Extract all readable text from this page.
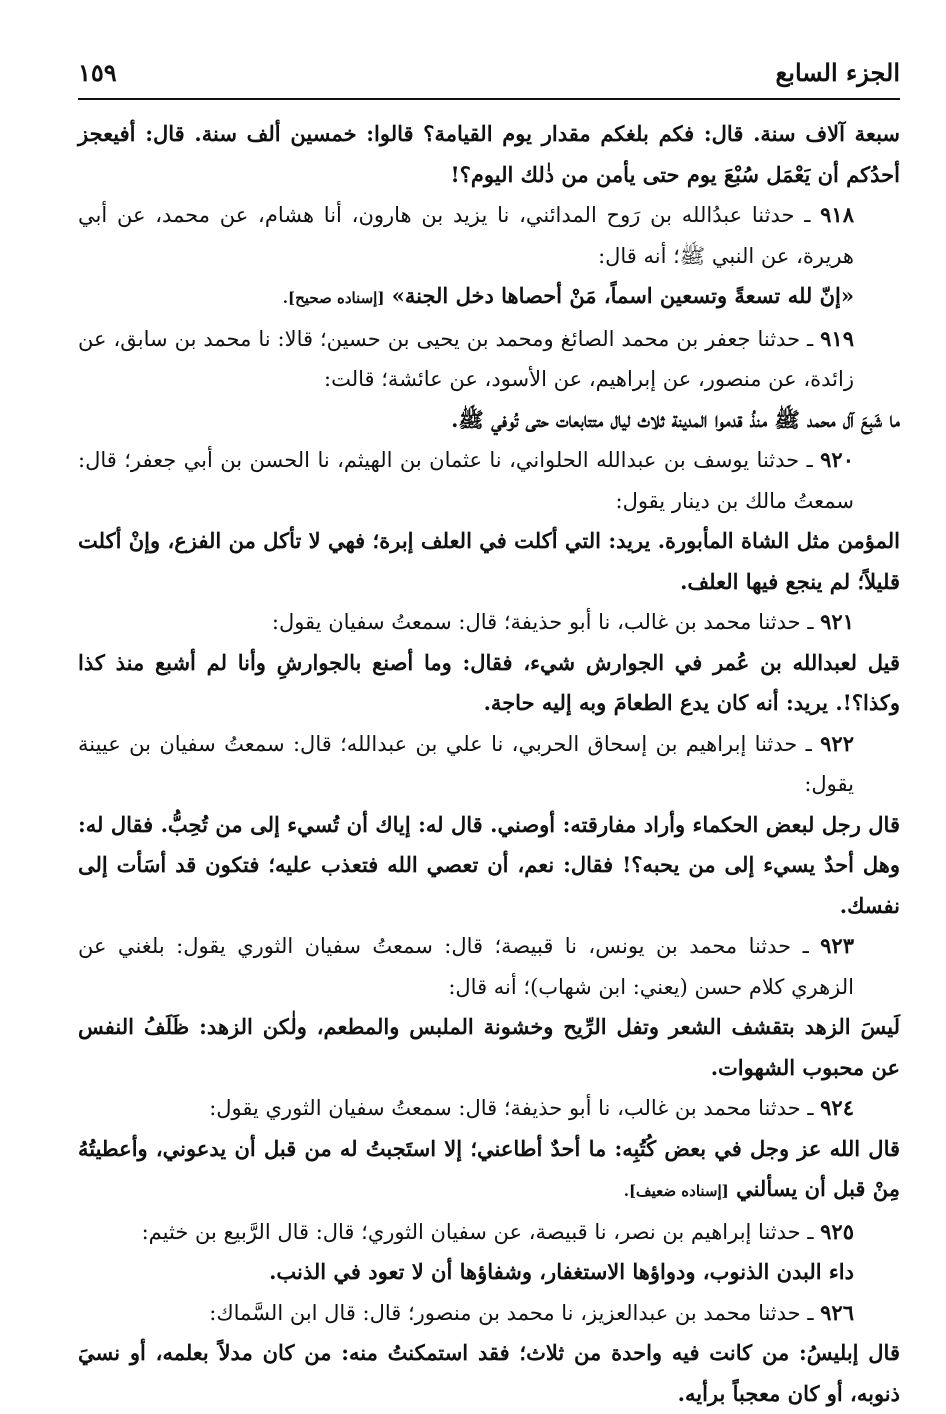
الجزء السابع
١٥٩

سبعة آلاف سنة. قال: فكم بلغكم مقدار يوم القيامة؟ قالوا: خمسين ألف سنة. قال: أفيعجز أحدُكم أن يَعْمَل سُبْعَ يوم حتى يأمن من ذٰلك اليوم؟!

٩١٨ ـ حدثنا عبدُالله بن رَوح المدائني، نا يزيد بن هارون، أنا هشام، عن محمد، عن أبي هريرة، عن النبي ﷺ؛ أنه قال:

«إنّ لله تسعةً وتسعين اسماً، مَنْ أحصاها دخل الجنة» [إسناده صحيح].

٩١٩ ـ حدثنا جعفر بن محمد الصائغ ومحمد بن يحيى بن حسين؛ قالا: نا محمد بن سابق، عن زائدة، عن منصور، عن إبراهيم، عن الأسود، عن عائشة؛ قالت:

ما شَبِعَ آل محمد ﷺ منذُ قدموا المدينة ثلاث ليال متتابعات حتى تُوفي ﷺ.

٩٢٠ ـ حدثنا يوسف بن عبدالله الحلواني، نا عثمان بن الهيثم، نا الحسن بن أبي جعفر؛ قال: سمعتُ مالك بن دينار يقول:

المؤمن مثل الشاة المأبورة. يريد: التي أكلت في العلف إبرة؛ فهي لا تأكل من الفزع، وإنْ أكلت قليلاً؛ لم ينجع فيها العلف.

٩٢١ ـ حدثنا محمد بن غالب، نا أبو حذيفة؛ قال: سمعتُ سفيان يقول:

قيل لعبدالله بن عُمر في الجوارش شيء، فقال: وما أصنع بالجوارشِ وأنا لم أشبع منذ كذا وكذا؟!. يريد: أنه كان يدع الطعامَ وبه إليه حاجة.

٩٢٢ ـ حدثنا إبراهيم بن إسحاق الحربي، نا علي بن عبدالله؛ قال: سمعتُ سفيان بن عيينة يقول:

قال رجل لبعض الحكماء وأراد مفارقته: أوصني. قال له: إياك أن تُسيء إلى من تُحِبُّ. فقال له: وهل أحدٌ يسيء إلى من يحبه؟! فقال: نعم، أن تعصي الله فتعذب عليه؛ فتكون قد أسَأت إلى نفسك.

٩٢٣ ـ حدثنا محمد بن يونس، نا قبيصة؛ قال: سمعتُ سفيان الثوري يقول: بلغني عن الزهري كلام حسن (يعني: ابن شهاب)؛ أنه قال:

لَيسَ الزهد بتقشف الشعر وتفل الرِّيح وخشونة الملبس والمطعم، ولٰكن الزهد: ظَلَفُ النفس عن محبوب الشهوات.

٩٢٤ ـ حدثنا محمد بن غالب، نا أبو حذيفة؛ قال: سمعتُ سفيان الثوري يقول:

قال الله عز وجل في بعض كُتُبِه: ما أحدٌ أطاعني؛ إلا استَجبتُ له من قبل أن يدعوني، وأعطيتُهُ مِنْ قبل أن يسألني [إسناده ضعيف].

٩٢٥ ـ حدثنا إبراهيم بن نصر، نا قبيصة، عن سفيان الثوري؛ قال: قال الرَّبيع بن خثيم:

داء البدن الذنوب، ودواؤها الاستغفار، وشفاؤها أن لا تعود في الذنب.

٩٢٦ ـ حدثنا محمد بن عبدالعزيز، نا محمد بن منصور؛ قال: قال ابن السَّماك:

قال إبليسُ: من كانت فيه واحدة من ثلاث؛ فقد استمكنتُ منه: من كان مدلاً بعلمه، أو نسيَ ذنوبه، أو كان معجباً برأيه.
